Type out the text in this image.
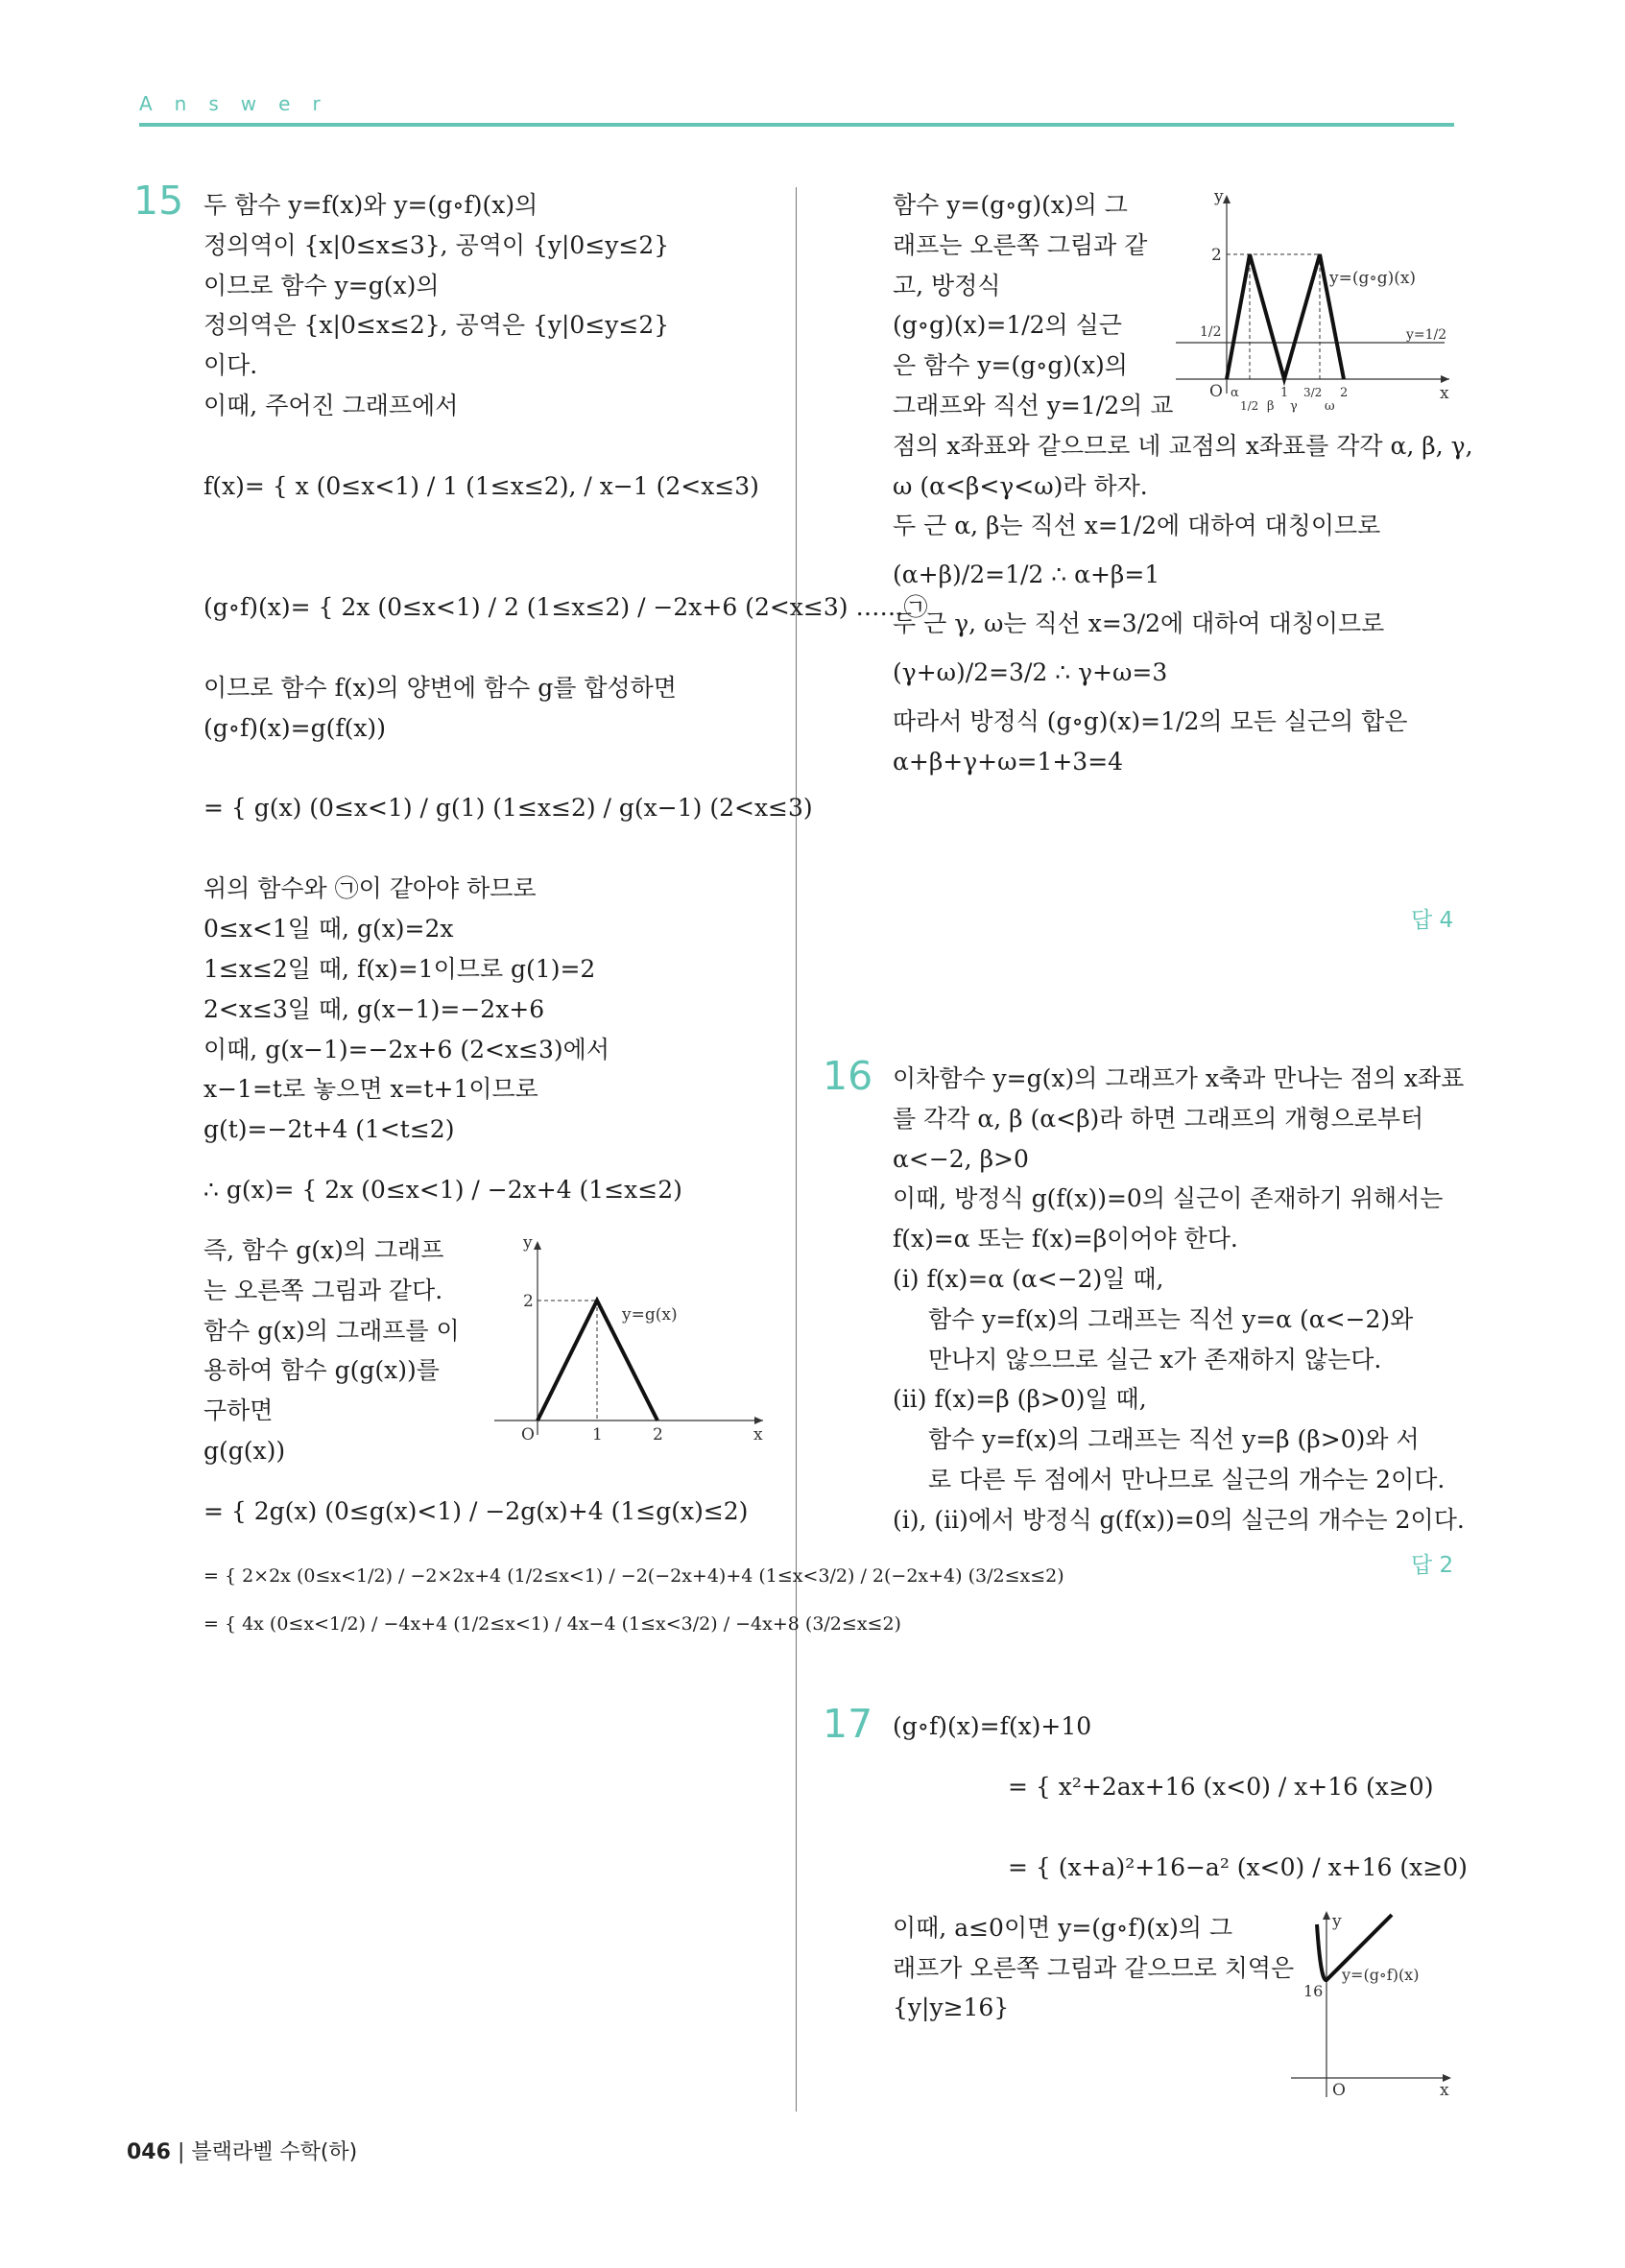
Answer
15 두 함수 y=f(x)와 y=(g∘f)(x)의
정의역이 {x|0≤x≤3}, 공역이 {y|0≤y≤2}
이므로 함수 y=g(x)의
정의역은 {x|0≤x≤2}, 공역은 {y|0≤y≤2}
이다.
이때, 주어진 그래프에서
f(x)= { x (0≤x<1) / 1 (1≤x≤2), / x−1 (2<x≤3)
(g∘f)(x)= { 2x (0≤x<1) / 2 (1≤x≤2) / −2x+6 (2<x≤3) ……㉠
이므로 함수 f(x)의 양변에 함수 g를 합성하면
(g∘f)(x)=g(f(x))
= { g(x) (0≤x<1) / g(1) (1≤x≤2) / g(x−1) (2<x≤3)
위의 함수와 ㉠이 같아야 하므로
0≤x<1일 때, g(x)=2x
1≤x≤2일 때, f(x)=1이므로 g(1)=2
2<x≤3일 때, g(x−1)=−2x+6
이때, g(x−1)=−2x+6 (2<x≤3)에서
x−1=t로 놓으면 x=t+1이므로
g(t)=−2t+4 (1<t≤2)
∴ g(x)= { 2x (0≤x<1) / −2x+4 (1≤x≤2)
즉, 함수 g(x)의 그래프
는 오른쪽 그림과 같다.
함수 g(x)의 그래프를 이
용하여 함수 g(g(x))를
구하면
g(g(x))
= { 2g(x) (0≤g(x)<1) / −2g(x)+4 (1≤g(x)≤2)
= { 2×2x (0≤x<1/2) / −2×2x+4 (1/2≤x<1) / −2(−2x+4)+4 (1≤x<3/2) / 2(−2x+4) (3/2≤x≤2)
= { 4x (0≤x<1/2) / −4x+4 (1/2≤x<1) / 4x−4 (1≤x<3/2) / −4x+8 (3/2≤x≤2)
y
x
O
2
1	2
y=g(x)
함수 y=(g∘g)(x)의 그
래프는 오른쪽 그림과 같
고, 방정식
(g∘g)(x)=1/2의 실근
은 함수 y=(g∘g)(x)의
그래프와 직선 y=1/2의 교
점의 x좌표와 같으므로 네 교점의 x좌표를 각각 α, β, γ,
ω (α<β<γ<ω)라 하자.
두 근 α, β는 직선 x=1/2에 대하여 대칭이므로
(α+β)/2=1/2 ∴ α+β=1
두 근 γ, ω는 직선 x=3/2에 대하여 대칭이므로
(γ+ω)/2=3/2 ∴ γ+ω=3
따라서 방정식 (g∘g)(x)=1/2의 모든 실근의 합은
α+β+γ+ω=1+3=4
답 4
y
x
O
2
1/2
y=(g∘g)(x)
y=1/2
α
1/2 β
1
γ
3/2
ω
2
16 이차함수 y=g(x)의 그래프가 x축과 만나는 점의 x좌표
를 각각 α, β (α<β)라 하면 그래프의 개형으로부터
α<−2, β>0
이때, 방정식 g(f(x))=0의 실근이 존재하기 위해서는
f(x)=α 또는 f(x)=β이어야 한다.
(ⅰ) f(x)=α (α<−2)일 때,
함수 y=f(x)의 그래프는 직선 y=α (α<−2)와
만나지 않으므로 실근 x가 존재하지 않는다.
(ⅱ) f(x)=β (β>0)일 때,
함수 y=f(x)의 그래프는 직선 y=β (β>0)와 서
로 다른 두 점에서 만나므로 실근의 개수는 2이다.
(ⅰ), (ⅱ)에서 방정식 g(f(x))=0의 실근의 개수는 2이다.
답 2
17 (g∘f)(x)=f(x)+10
= { x²+2ax+16 (x<0) / x+16 (x≥0)
= { (x+a)²+16−a² (x<0) / x+16 (x≥0)
이때, a≤0이면 y=(g∘f)(x)의 그
래프가 오른쪽 그림과 같으므로 치역은
{y|y≥16}
y
x
O
16
y=(g∘f)(x)
046 | 블랙라벨 수학(하)
